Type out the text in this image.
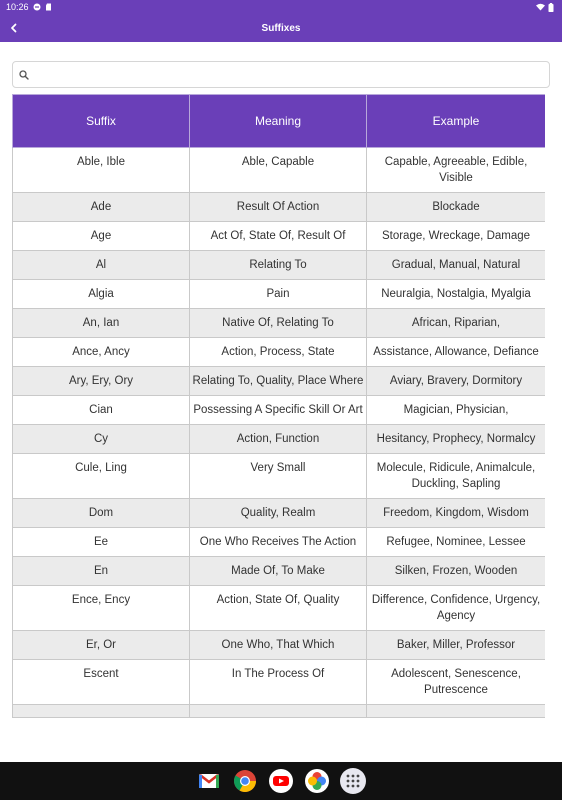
10:26
Suffixes
Suffix	Meaning	Example
Able, Ible	Able, Capable	Capable, Agreeable, Edible, Visible
Ade	Result Of Action	Blockade
Age	Act Of, State Of, Result Of	Storage, Wreckage, Damage
Al	Relating To	Gradual, Manual, Natural
Algia	Pain	Neuralgia, Nostalgia, Myalgia
An, Ian	Native Of, Relating To	African, Riparian,
Ance, Ancy	Action, Process, State	Assistance, Allowance, Defiance
Ary, Ery, Ory	Relating To, Quality, Place Where	Aviary, Bravery, Dormitory
Cian	Possessing A Specific Skill Or Art	Magician, Physician,
Cy	Action, Function	Hesitancy, Prophecy, Normalcy
Cule, Ling	Very Small	Molecule, Ridicule, Animalcule, Duckling, Sapling
Dom	Quality, Realm	Freedom, Kingdom, Wisdom
Ee	One Who Receives The Action	Refugee, Nominee, Lessee
En	Made Of, To Make	Silken, Frozen, Wooden
Ence, Ency	Action, State Of, Quality	Difference, Confidence, Urgency, Agency
Er, Or	One Who, That Which	Baker, Miller, Professor
Escent	In The Process Of	Adolescent, Senescence, Putrescence
